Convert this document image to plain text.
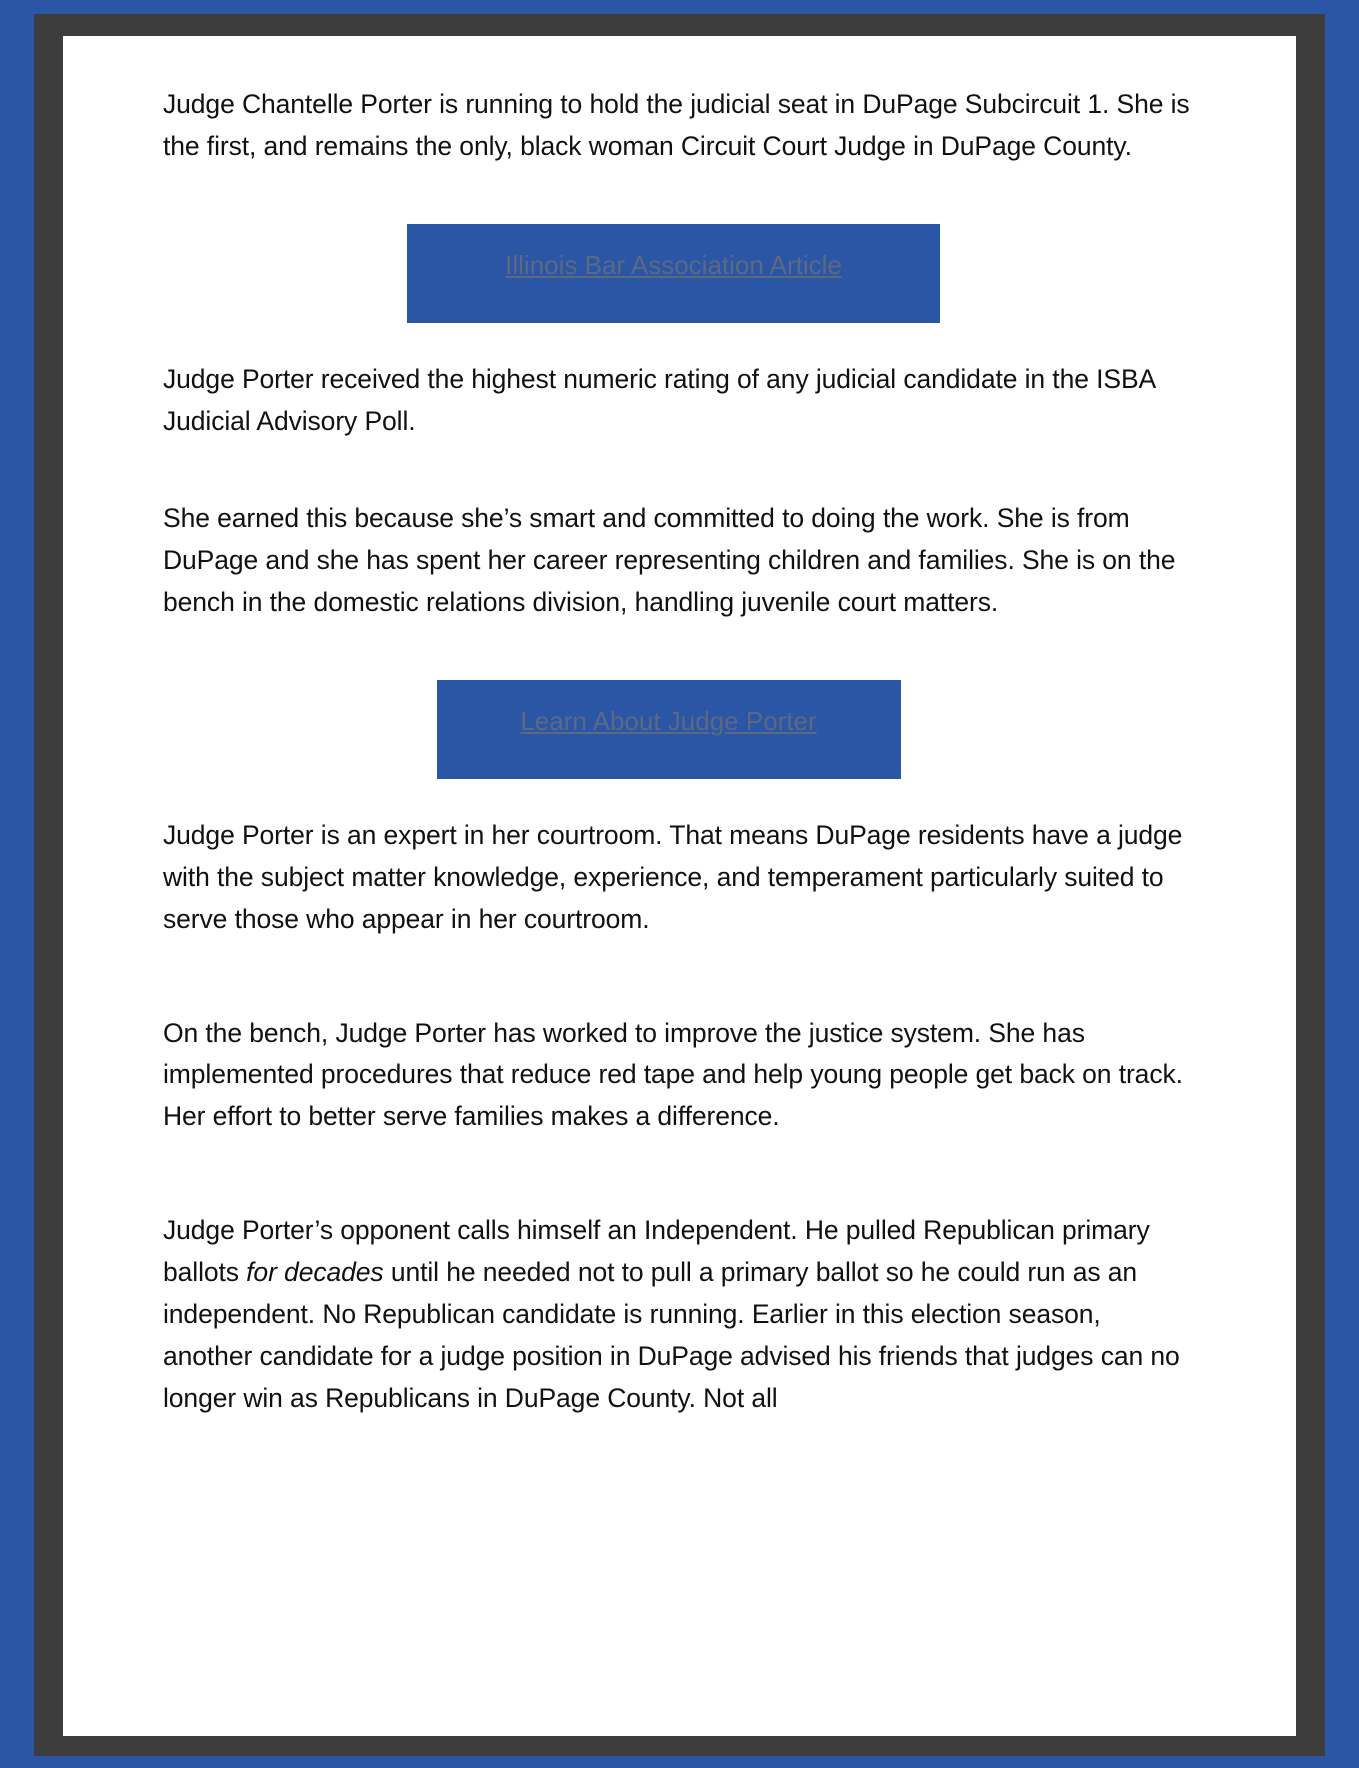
Judge Chantelle Porter is running to hold the judicial seat in DuPage Subcircuit 1. She is the first, and remains the only, black woman Circuit Court Judge in DuPage County.

Illinois Bar Association Article

Judge Porter received the highest numeric rating of any judicial candidate in the ISBA Judicial Advisory Poll.

She earned this because she’s smart and committed to doing the work. She is from DuPage and she has spent her career representing children and families. She is on the bench in the domestic relations division, handling juvenile court matters.

Learn About Judge Porter

Judge Porter is an expert in her courtroom. That means DuPage residents have a judge with the subject matter knowledge, experience, and temperament particularly suited to serve those who appear in her courtroom.

On the bench, Judge Porter has worked to improve the justice system. She has implemented procedures that reduce red tape and help young people get back on track. Her effort to better serve families makes a difference.

Judge Porter’s opponent calls himself an Independent. He pulled Republican primary ballots for decades until he needed not to pull a primary ballot so he could run as an independent. No Republican candidate is running. Earlier in this election season, another candidate for a judge position in DuPage advised his friends that judges can no longer win as Republicans in DuPage County. Not all
